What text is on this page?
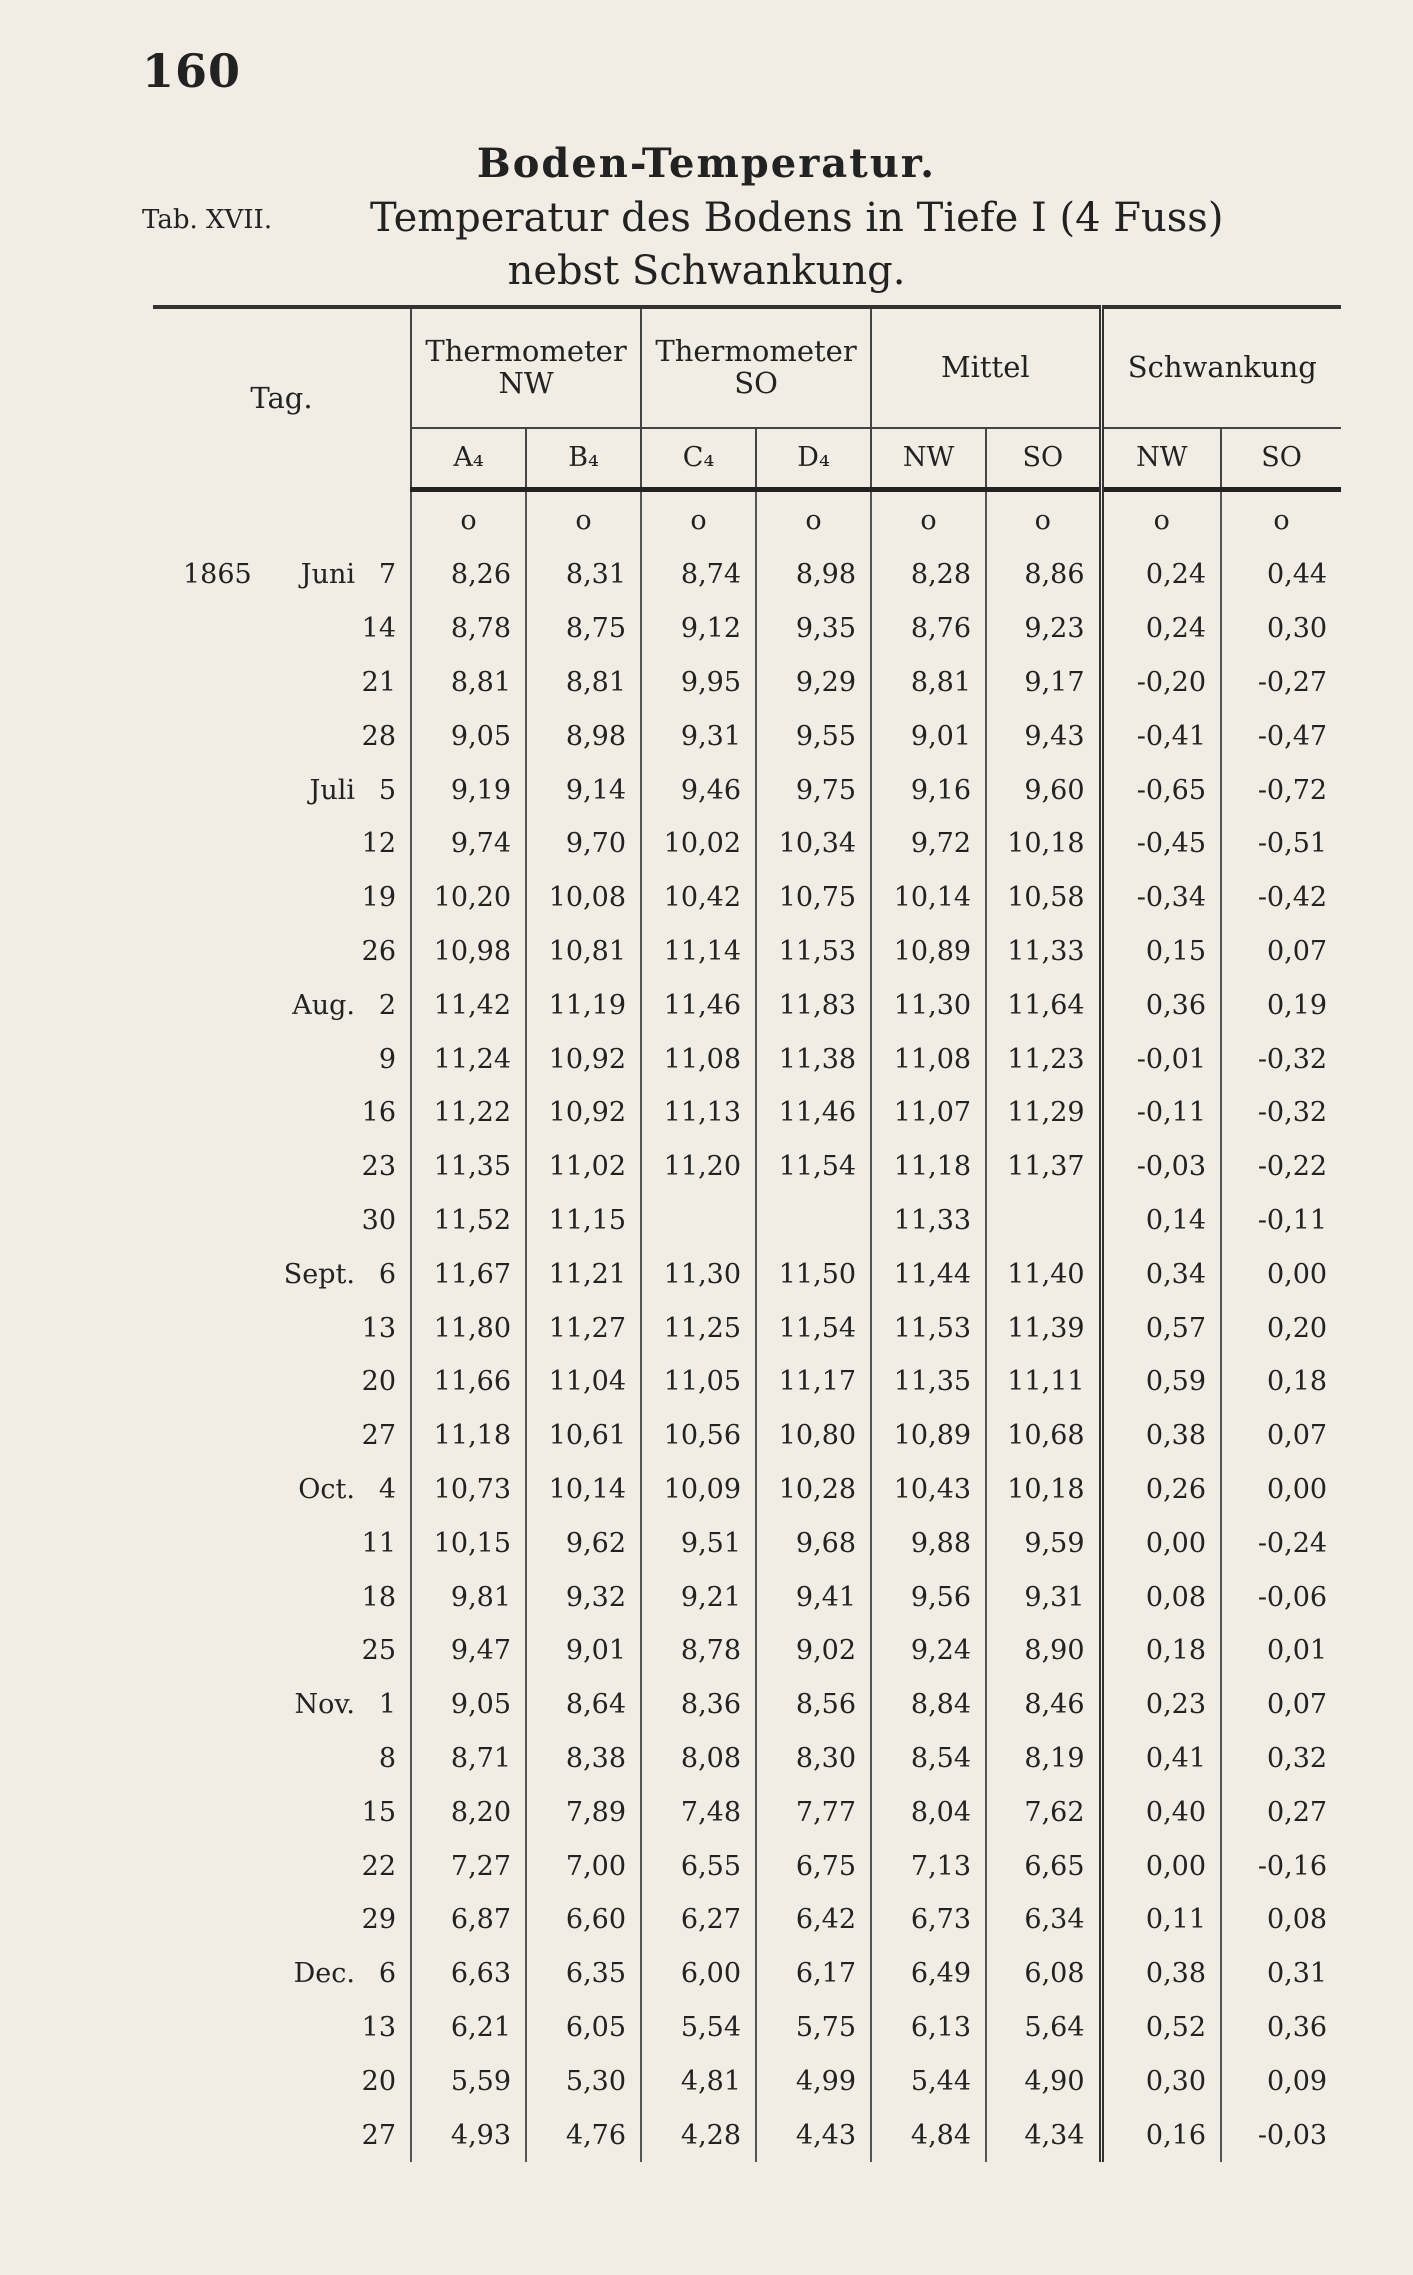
160
Boden-Temperatur.
Tab. XVII. Temperatur des Bodens in Tiefe I (4 Fuss)
nebst Schwankung.
Tag.			Thermometer NW		Thermometer SO		Mittel		Schwankung	
			A₄	B₄	C₄	D₄	NW	SO	NW	SO
			o	o	o	o	o	o	o	o
1865	Juni	7	8,26	8,31	8,74	8,98	8,28	8,86	0,24	0,44
		14	8,78	8,75	9,12	9,35	8,76	9,23	0,24	0,30
		21	8,81	8,81	9,95	9,29	8,81	9,17	-0,20	-0,27
		28	9,05	8,98	9,31	9,55	9,01	9,43	-0,41	-0,47
	Juli	5	9,19	9,14	9,46	9,75	9,16	9,60	-0,65	-0,72
		12	9,74	9,70	10,02	10,34	9,72	10,18	-0,45	-0,51
		19	10,20	10,08	10,42	10,75	10,14	10,58	-0,34	-0,42
		26	10,98	10,81	11,14	11,53	10,89	11,33	0,15	0,07
	Aug.	2	11,42	11,19	11,46	11,83	11,30	11,64	0,36	0,19
		9	11,24	10,92	11,08	11,38	11,08	11,23	-0,01	-0,32
		16	11,22	10,92	11,13	11,46	11,07	11,29	-0,11	-0,32
		23	11,35	11,02	11,20	11,54	11,18	11,37	-0,03	-0,22
		30	11,52	11,15			11,33		0,14	-0,11
	Sept.	6	11,67	11,21	11,30	11,50	11,44	11,40	0,34	0,00
		13	11,80	11,27	11,25	11,54	11,53	11,39	0,57	0,20
		20	11,66	11,04	11,05	11,17	11,35	11,11	0,59	0,18
		27	11,18	10,61	10,56	10,80	10,89	10,68	0,38	0,07
	Oct.	4	10,73	10,14	10,09	10,28	10,43	10,18	0,26	0,00
		11	10,15	9,62	9,51	9,68	9,88	9,59	0,00	-0,24
		18	9,81	9,32	9,21	9,41	9,56	9,31	0,08	-0,06
		25	9,47	9,01	8,78	9,02	9,24	8,90	0,18	0,01
	Nov.	1	9,05	8,64	8,36	8,56	8,84	8,46	0,23	0,07
		8	8,71	8,38	8,08	8,30	8,54	8,19	0,41	0,32
		15	8,20	7,89	7,48	7,77	8,04	7,62	0,40	0,27
		22	7,27	7,00	6,55	6,75	7,13	6,65	0,00	-0,16
		29	6,87	6,60	6,27	6,42	6,73	6,34	0,11	0,08
	Dec.	6	6,63	6,35	6,00	6,17	6,49	6,08	0,38	0,31
		13	6,21	6,05	5,54	5,75	6,13	5,64	0,52	0,36
		20	5,59	5,30	4,81	4,99	5,44	4,90	0,30	0,09
		27	4,93	4,76	4,28	4,43	4,84	4,34	0,16	-0,03
